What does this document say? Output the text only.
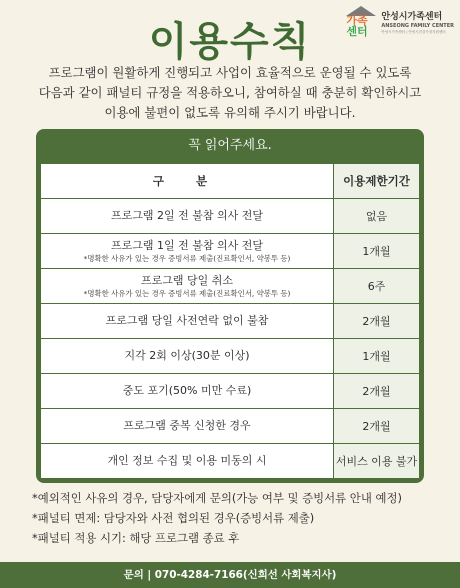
이용수칙	가족
센터
안성시가족센터
ANSEONG FAMILY CENTER
안성시가족센터 / 안성시건강가정지원센터
프로그램이 원활하게 진행되고 사업이 효율적으로 운영될 수 있도록
다음과 같이 패널티 규정을 적용하오니, 참여하실 때 충분히 확인하시고
이용에 불편이 없도록 유의해 주시기 바랍니다.
꼭 읽어주세요.
구 분	이용제한기간

프로그램 2일 전 불참 의사 전달	없음

프로그램 1일 전 불참 의사 전달
*명확한 사유가 있는 경우 증빙서류 제출(진료확인서, 약봉투 등)	1개월

프로그램 당일 취소
*명확한 사유가 있는 경우 증빙서류 제출(진료확인서, 약봉투 등)	6주

프로그램 당일 사전연락 없이 불참	2개월

지각 2회 이상(30분 이상)	1개월

중도 포기(50% 미만 수료)	2개월

프로그램 중복 신청한 경우	2개월

개인 정보 수집 및 이용 미동의 시	서비스 이용 불가
*예외적인 사유의 경우, 담당자에게 문의(가능 여부 및 증빙서류 안내 예정)
*패널티 면제: 담당자와 사전 협의된 경우(증빙서류 제출)
*패널티 적용 시기: 해당 프로그램 종료 후
문의 | 070-4284-7166(신희선 사회복지사)
